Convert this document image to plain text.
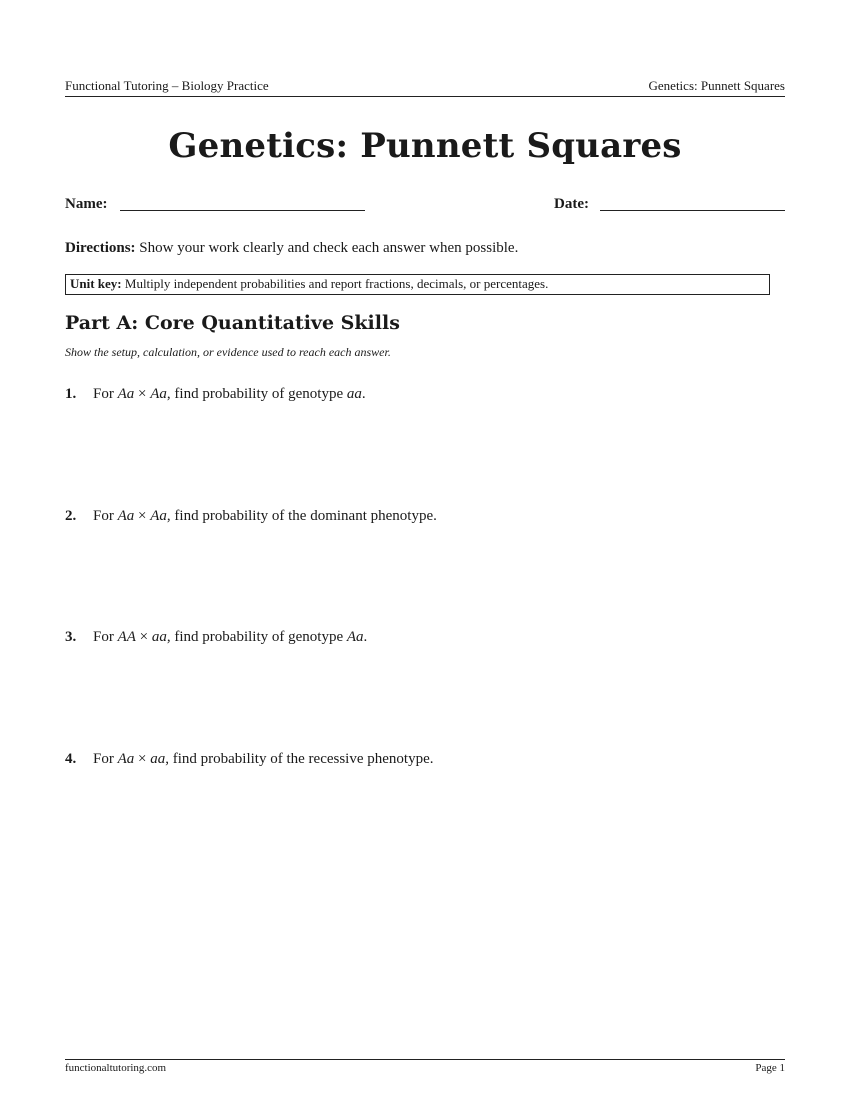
Functional Tutoring – Biology Practice	Genetics: Punnett Squares
Genetics: Punnett Squares
Name:	Date:
Directions: Show your work clearly and check each answer when possible.
Unit key: Multiply independent probabilities and report fractions, decimals, or percentages.
Part A: Core Quantitative Skills
Show the setup, calculation, or evidence used to reach each answer.
1. For Aa × Aa, find probability of genotype aa.
2. For Aa × Aa, find probability of the dominant phenotype.
3. For AA × aa, find probability of genotype Aa.
4. For Aa × aa, find probability of the recessive phenotype.
functionaltutoring.com	Page 1
